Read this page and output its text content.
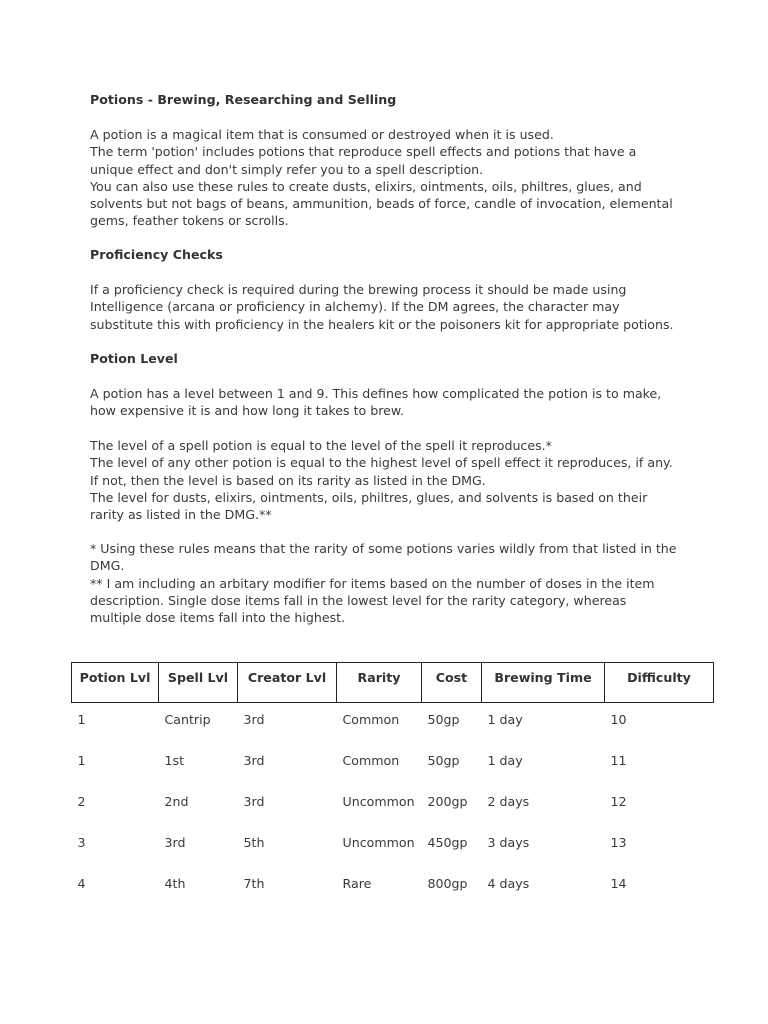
Potions - Brewing, Researching and Selling
A potion is a magical item that is consumed or destroyed when it is used.
The term 'potion' includes potions that reproduce spell effects and potions that have a
unique effect and don't simply refer you to a spell description.
You can also use these rules to create dusts, elixirs, ointments, oils, philtres, glues, and
solvents but not bags of beans, ammunition, beads of force, candle of invocation, elemental
gems, feather tokens or scrolls.
Proficiency Checks
If a proficiency check is required during the brewing process it should be made using
Intelligence (arcana or proficiency in alchemy). If the DM agrees, the character may
substitute this with proficiency in the healers kit or the poisoners kit for appropriate potions.
Potion Level
A potion has a level between 1 and 9. This defines how complicated the potion is to make,
how expensive it is and how long it takes to brew.
The level of a spell potion is equal to the level of the spell it reproduces.*
The level of any other potion is equal to the highest level of spell effect it reproduces, if any.
If not, then the level is based on its rarity as listed in the DMG.
The level for dusts, elixirs, ointments, oils, philtres, glues, and solvents is based on their
rarity as listed in the DMG.**
* Using these rules means that the rarity of some potions varies wildly from that listed in the
DMG.
** I am including an arbitary modifier for items based on the number of doses in the item
description. Single dose items fall in the lowest level for the rarity category, whereas
multiple dose items fall into the highest.
Potion Lvl	Spell Lvl	Creator Lvl	Rarity	Cost	Brewing Time	Difficulty
1	Cantrip	3rd	Common	50gp	1 day	10
1	1st	3rd	Common	50gp	1 day	11
2	2nd	3rd	Uncommon	200gp	2 days	12
3	3rd	5th	Uncommon	450gp	3 days	13
4	4th	7th	Rare	800gp	4 days	14
